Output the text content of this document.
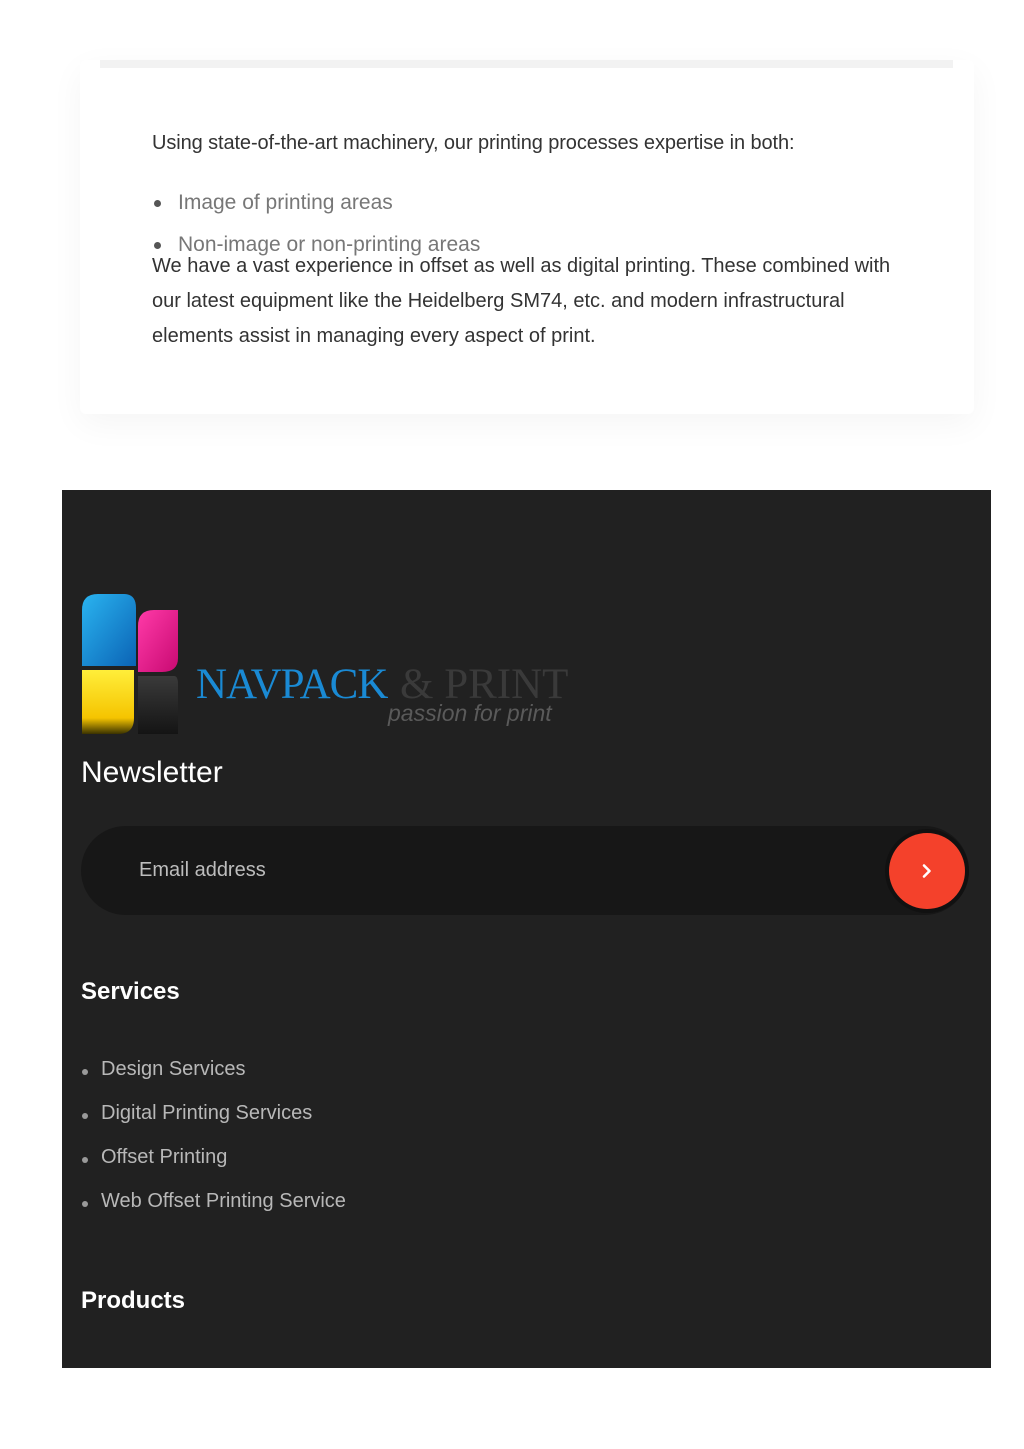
Using state-of-the-art machinery, our printing processes expertise in both:

Image of printing areas
Non-image or non-printing areas

We have a vast experience in offset as well as digital printing. These combined with our latest equipment like the Heidelberg SM74, etc. and modern infrastructural elements assist in managing every aspect of print.

NAVPACK & PRINT
passion for print
Newsletter
Email address
Services
Design Services
Digital Printing Services
Offset Printing
Web Offset Printing Service
Products
